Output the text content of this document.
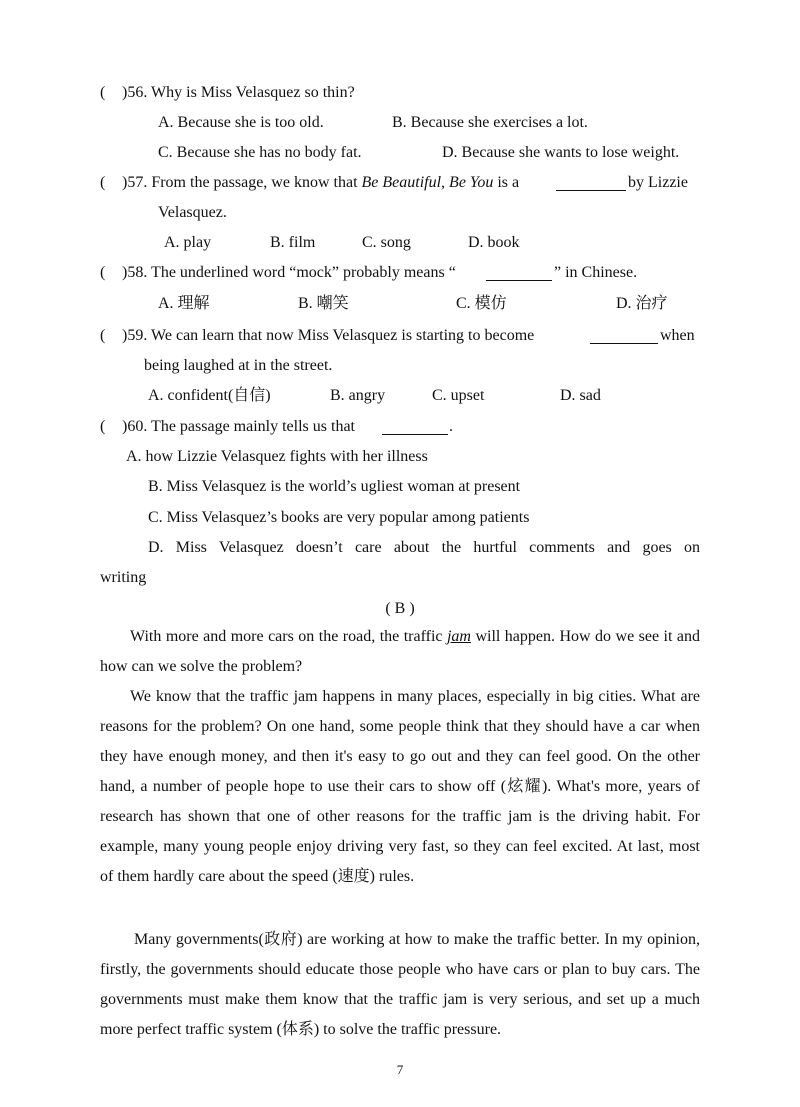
( )56. Why is Miss Velasquez so thin?
A. Because she is too old.	B. Because she exercises a lot.
C. Because she has no body fat.	D. Because she wants to lose weight.
( )57. From the passage, we know that Be Beautiful, Be You is a	by Lizzie
Velasquez.
A. play	B. film	C. song	D. book
( )58. The underlined word “mock” probably means “	” in Chinese.
A. 理解	B. 嘲笑	C. 模仿	D. 治疗
( )59. We can learn that now Miss Velasquez is starting to become	when
being laughed at in the street.
A. confident(自信)	B. angry	C. upset	D. sad
( )60. The passage mainly tells us that	.
A. how Lizzie Velasquez fights with her illness
B. Miss Velasquez is the world’s ugliest woman at present
C. Miss Velasquez’s books are very popular among patients
D. Miss Velasquez doesn’t care about the hurtful comments and goes on
writing
( B )
With more and more cars on the road, the traffic jam will happen. How do we see it and how can we solve the problem?
We know that the traffic jam happens in many places, especially in big cities. What are reasons for the problem? On one hand, some people think that they should have a car when they have enough money, and then it's easy to go out and they can feel good. On the other hand, a number of people hope to use their cars to show off (炫耀). What's more, years of research has shown that one of other reasons for the traffic jam is the driving habit. For example, many young people enjoy driving very fast, so they can feel excited. At last, most of them hardly care about the speed (速度) rules.
Many governments(政府) are working at how to make the traffic better. In my opinion, firstly, the governments should educate those people who have cars or plan to buy cars. The governments must make them know that the traffic jam is very serious, and set up a much more perfect traffic system (体系) to solve the traffic pressure.
7
